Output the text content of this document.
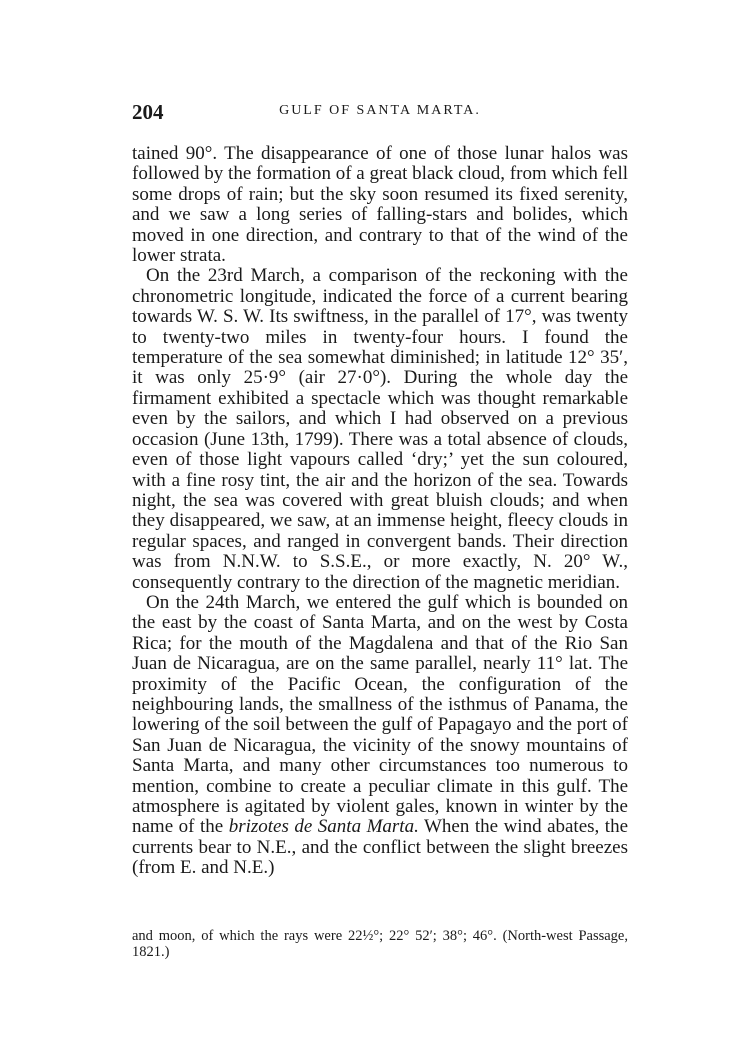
204	GULF OF SANTA MARTA.

tained 90°. The disappearance of one of those lunar halos was followed by the formation of a great black cloud, from which fell some drops of rain; but the sky soon resumed its fixed serenity, and we saw a long series of falling-stars and bolides, which moved in one direction, and contrary to that of the wind of the lower strata.

On the 23rd March, a comparison of the reckoning with the chronometric longitude, indicated the force of a current bearing towards W. S. W. Its swiftness, in the parallel of 17°, was twenty to twenty-two miles in twenty-four hours. I found the temperature of the sea somewhat diminished; in latitude 12° 35′, it was only 25·9° (air 27·0°). During the whole day the firmament exhibited a spectacle which was thought remarkable even by the sailors, and which I had observed on a previous occasion (June 13th, 1799). There was a total absence of clouds, even of those light vapours called ‘dry;’ yet the sun coloured, with a fine rosy tint, the air and the horizon of the sea. Towards night, the sea was covered with great bluish clouds; and when they disappeared, we saw, at an immense height, fleecy clouds in regular spaces, and ranged in convergent bands. Their direction was from N.N.W. to S.S.E., or more exactly, N. 20° W., consequently contrary to the direction of the magnetic meridian.

On the 24th March, we entered the gulf which is bounded on the east by the coast of Santa Marta, and on the west by Costa Rica; for the mouth of the Magdalena and that of the Rio San Juan de Nicaragua, are on the same parallel, nearly 11° lat. The proximity of the Pacific Ocean, the configuration of the neighbouring lands, the smallness of the isthmus of Panama, the lowering of the soil between the gulf of Papagayo and the port of San Juan de Nicaragua, the vicinity of the snowy mountains of Santa Marta, and many other circumstances too numerous to mention, combine to create a peculiar climate in this gulf. The atmosphere is agitated by violent gales, known in winter by the name of the brizotes de Santa Marta. When the wind abates, the currents bear to N.E., and the conflict between the slight breezes (from E. and N.E.)

and moon, of which the rays were 22½°; 22° 52′; 38°; 46°. (North-west Passage, 1821.)
